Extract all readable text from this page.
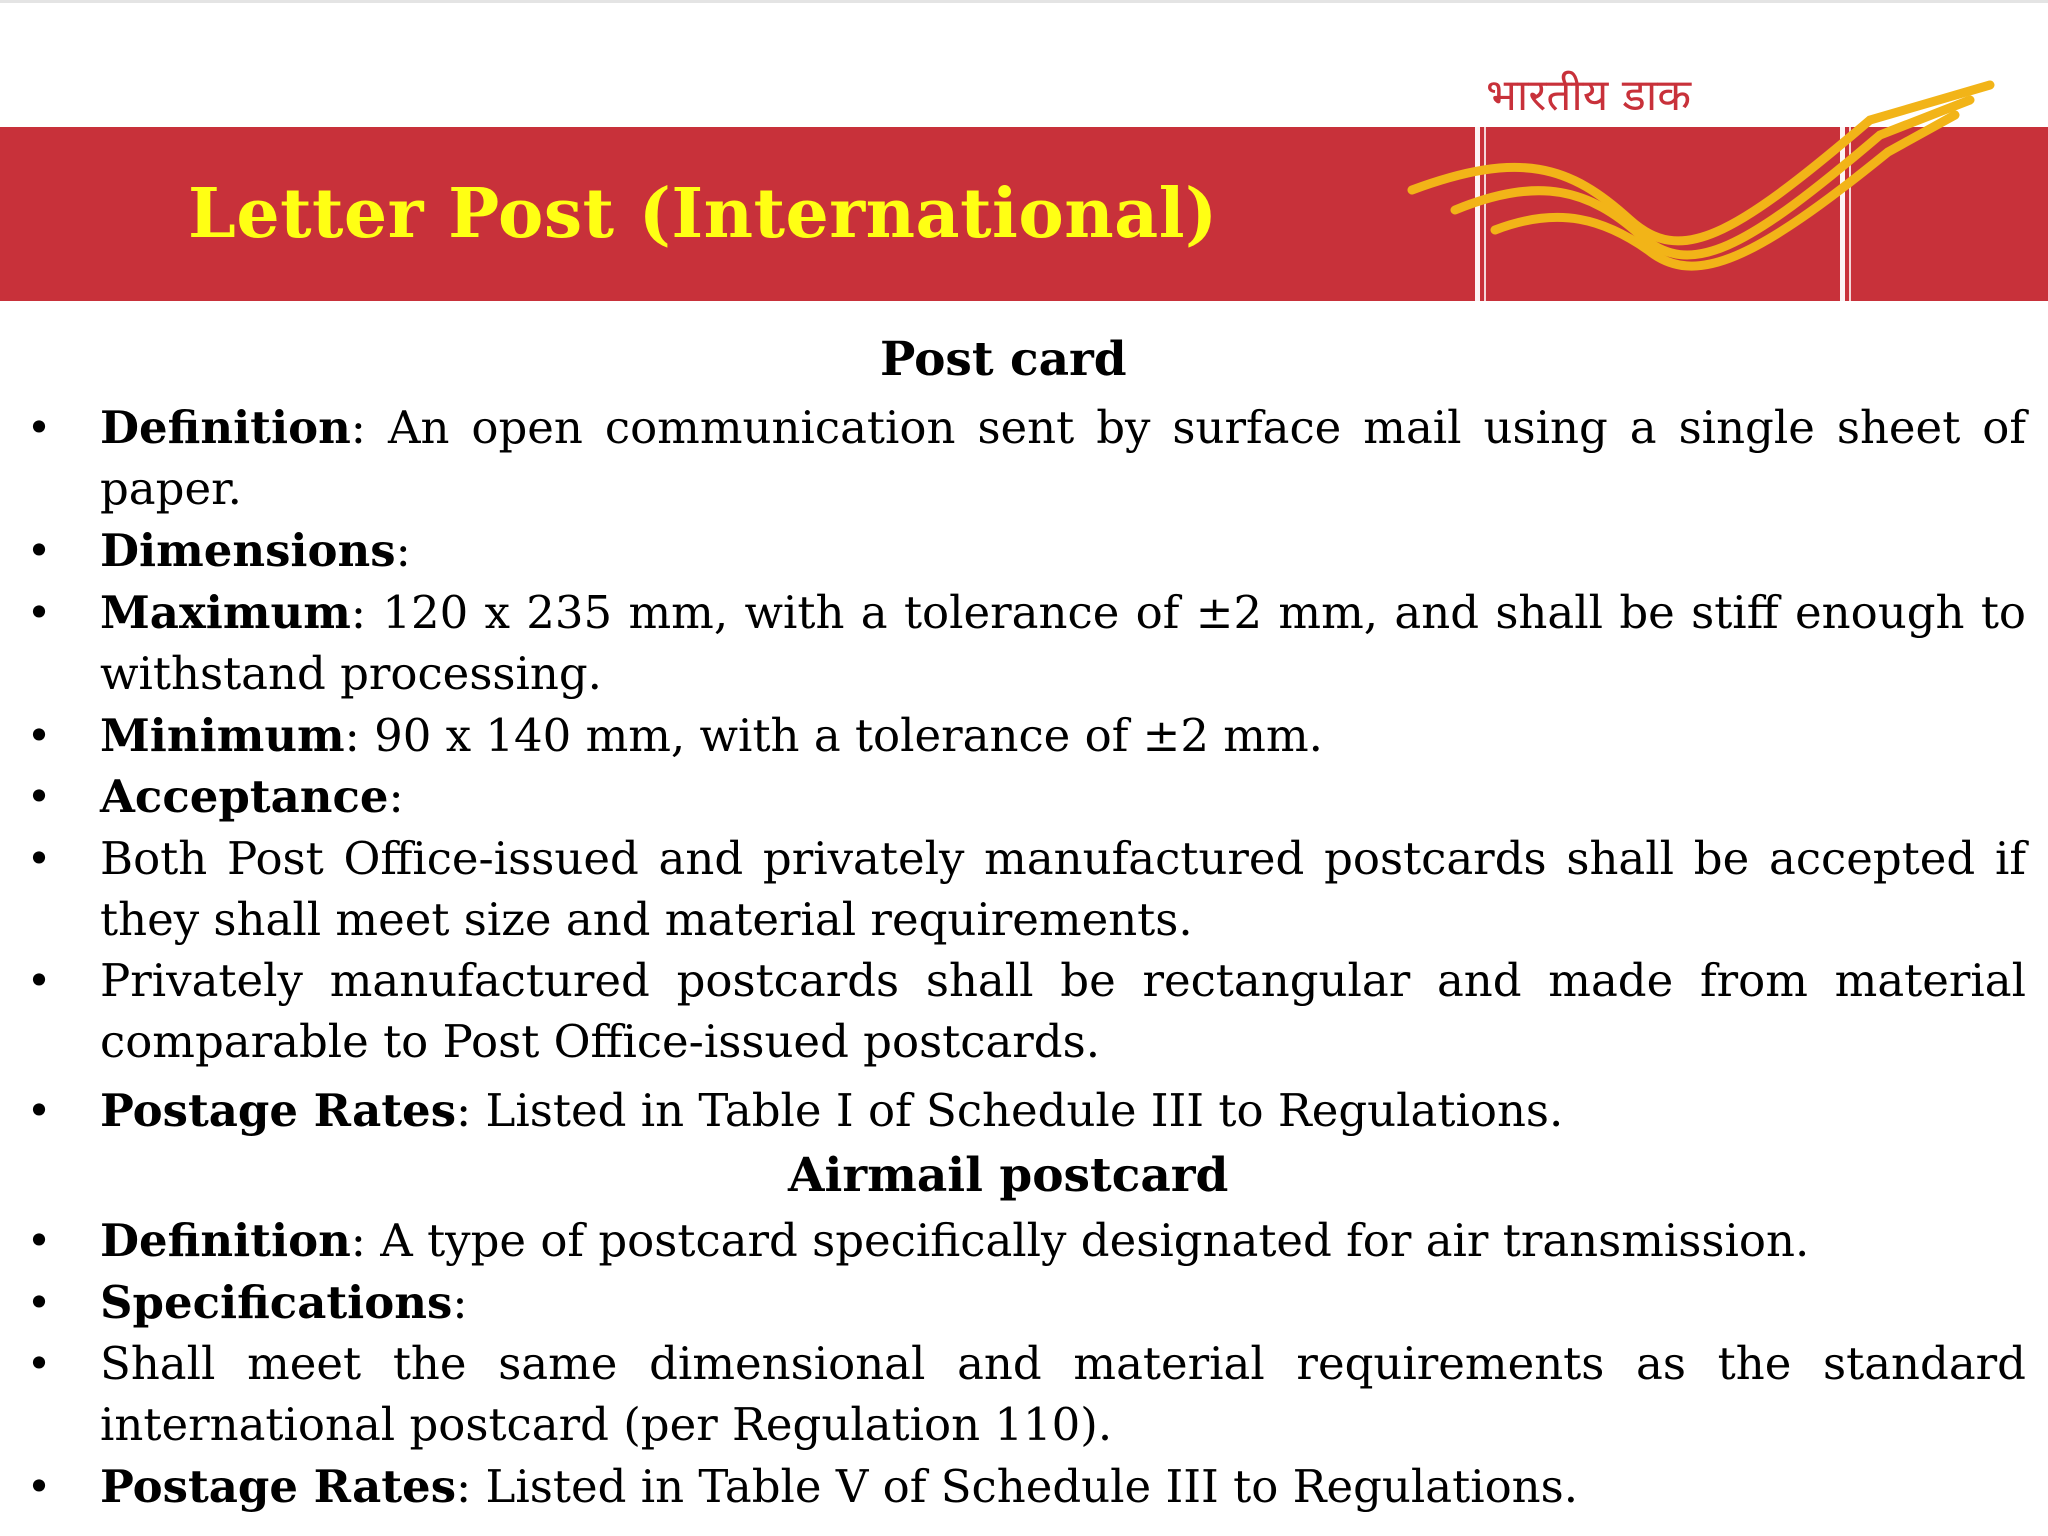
Letter Post (International)
भारतीय डाक
Post card
• Definition: An open communication sent by surface mail using a single sheet of paper.
• Dimensions:
• Maximum: 120 x 235 mm, with a tolerance of ±2 mm, and shall be stiff enough to withstand processing.
• Minimum: 90 x 140 mm, with a tolerance of ±2 mm.
• Acceptance:
• Both Post Office-issued and privately manufactured postcards shall be accepted if they shall meet size and material requirements.
• Privately manufactured postcards shall be rectangular and made from material comparable to Post Office-issued postcards.
• Postage Rates: Listed in Table I of Schedule III to Regulations.
Airmail postcard
• Definition: A type of postcard specifically designated for air transmission.
• Specifications:
• Shall meet the same dimensional and material requirements as the standard international postcard (per Regulation 110).
• Postage Rates: Listed in Table V of Schedule III to Regulations.
